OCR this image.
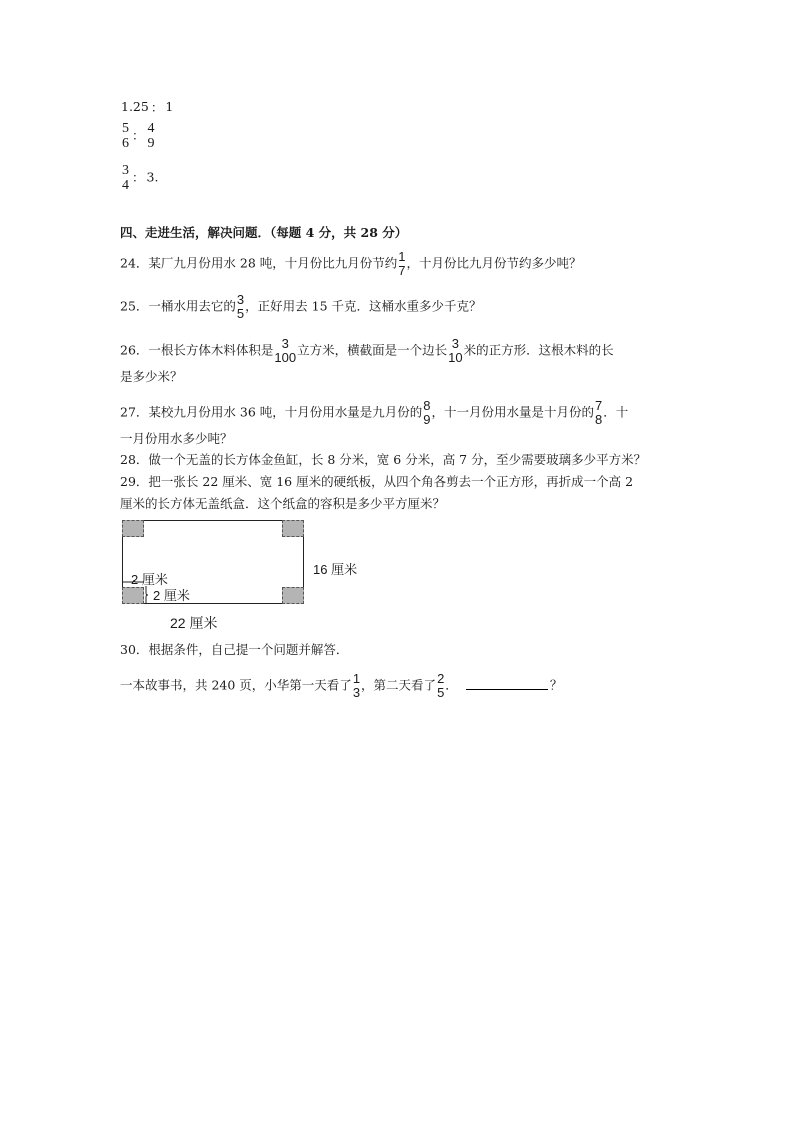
1.25 ： 1
5
6
： 4
9
3
4
： 3.
四、走进生活，解决问题．（每题 4 分，共 28 分）
24．某厂九月份用水 28 吨，十月份比九月份节约 1
7 ，十月份比九月份节约多少吨？
25．一桶水用去它的 3
5 ，正好用去 15 千克．这桶水重多少千克？
26．一根长方体木料体积是 3
100 立方米，横截面是一个边长 3
10 米的正方形．这根木料的长
是多少米？
27．某校九月份用水 36 吨，十月份用水量是九月份的 8
9 ，十一月份用水量是十月份的 7
8 ．十
一月份用水多少吨？
28．做一个无盖的长方体金鱼缸，长 8 分米，宽 6 分米，高 7 分，至少需要玻璃多少平方米？
29．把一张长 22 厘米、宽 16 厘米的硬纸板，从四个角各剪去一个正方形，再折成一个高 2
厘米的长方体无盖纸盒．这个纸盒的容积是多少平方厘米？
2 厘米
2 厘米
16 厘米
22 厘米
30．根据条件，自己提一个问题并解答．
一本故事书，共 240 页，小华第一天看了 1
3 ，第二天看了 2
5 ．	？
